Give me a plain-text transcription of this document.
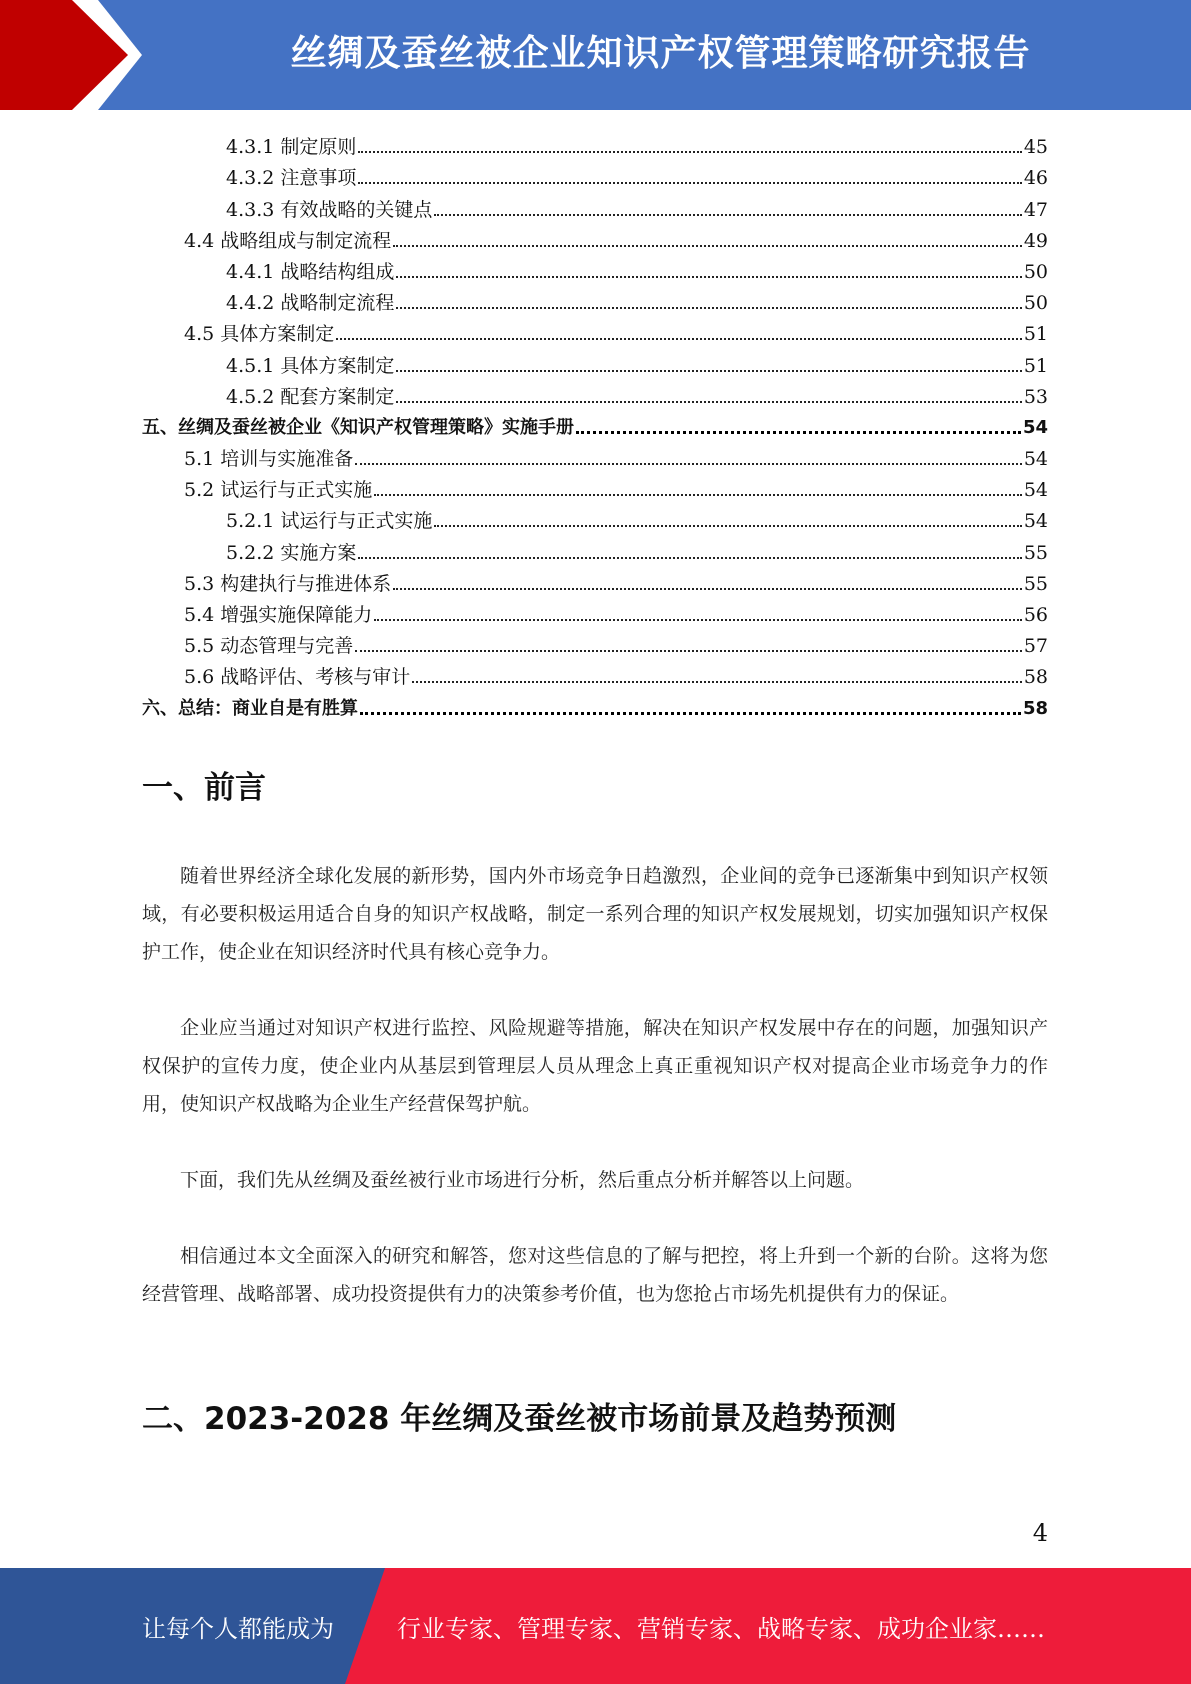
丝绸及蚕丝被企业知识产权管理策略研究报告
4.3.1 制定原则	45
4.3.2 注意事项	46
4.3.3 有效战略的关键点	47
4.4 战略组成与制定流程	49
4.4.1 战略结构组成	50
4.4.2 战略制定流程	50
4.5 具体方案制定	51
4.5.1 具体方案制定	51
4.5.2 配套方案制定	53
五、丝绸及蚕丝被企业《知识产权管理策略》实施手册	54
5.1 培训与实施准备	54
5.2 试运行与正式实施	54
5.2.1 试运行与正式实施	54
5.2.2 实施方案	55
5.3 构建执行与推进体系	55
5.4 增强实施保障能力	56
5.5 动态管理与完善	57
5.6 战略评估、考核与审计	58
六、总结：商业自是有胜算	58
一、前言
随着世界经济全球化发展的新形势，国内外市场竞争日趋激烈，企业间的竞争已逐渐集中到知识产权领域，有必要积极运用适合自身的知识产权战略，制定一系列合理的知识产权发展规划，切实加强知识产权保护工作，使企业在知识经济时代具有核心竞争力。
企业应当通过对知识产权进行监控、风险规避等措施，解决在知识产权发展中存在的问题，加强知识产权保护的宣传力度，使企业内从基层到管理层人员从理念上真正重视知识产权对提高企业市场竞争力的作用，使知识产权战略为企业生产经营保驾护航。
下面，我们先从丝绸及蚕丝被行业市场进行分析，然后重点分析并解答以上问题。
相信通过本文全面深入的研究和解答，您对这些信息的了解与把控，将上升到一个新的台阶。这将为您经营管理、战略部署、成功投资提供有力的决策参考价值，也为您抢占市场先机提供有力的保证。
二、2023-2028 年丝绸及蚕丝被市场前景及趋势预测
4
让每个人都能成为	行业专家、管理专家、营销专家、战略专家、成功企业家……
